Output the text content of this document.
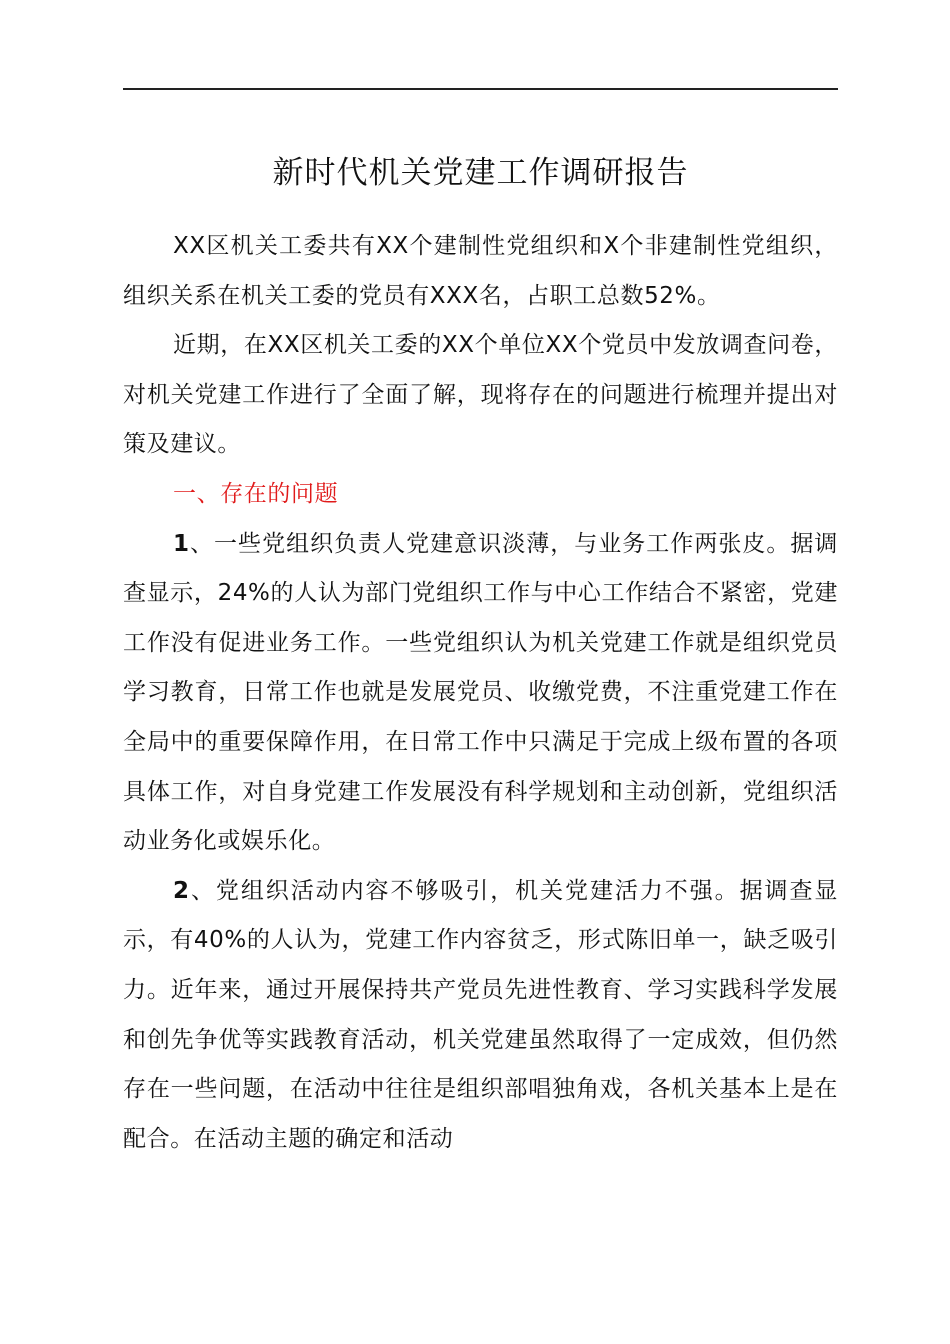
新时代机关党建工作调研报告

XX区机关工委共有XX个建制性党组织和X个非建制性党组织，组织关系在机关工委的党员有XXX名，占职工总数52%。

近期，在XX区机关工委的XX个单位XX个党员中发放调查问卷，对机关党建工作进行了全面了解，现将存在的问题进行梳理并提出对策及建议。

一、存在的问题

1、一些党组织负责人党建意识淡薄，与业务工作两张皮。据调查显示，24%的人认为部门党组织工作与中心工作结合不紧密，党建工作没有促进业务工作。一些党组织认为机关党建工作就是组织党员学习教育，日常工作也就是发展党员、收缴党费，不注重党建工作在全局中的重要保障作用，在日常工作中只满足于完成上级布置的各项具体工作，对自身党建工作发展没有科学规划和主动创新，党组织活动业务化或娱乐化。

2、党组织活动内容不够吸引，机关党建活力不强。据调查显示，有40%的人认为，党建工作内容贫乏，形式陈旧单一，缺乏吸引力。近年来，通过开展保持共产党员先进性教育、学习实践科学发展和创先争优等实践教育活动，机关党建虽然取得了一定成效，但仍然存在一些问题，在活动中往往是组织部唱独角戏，各机关基本上是在配合。在活动主题的确定和活动
